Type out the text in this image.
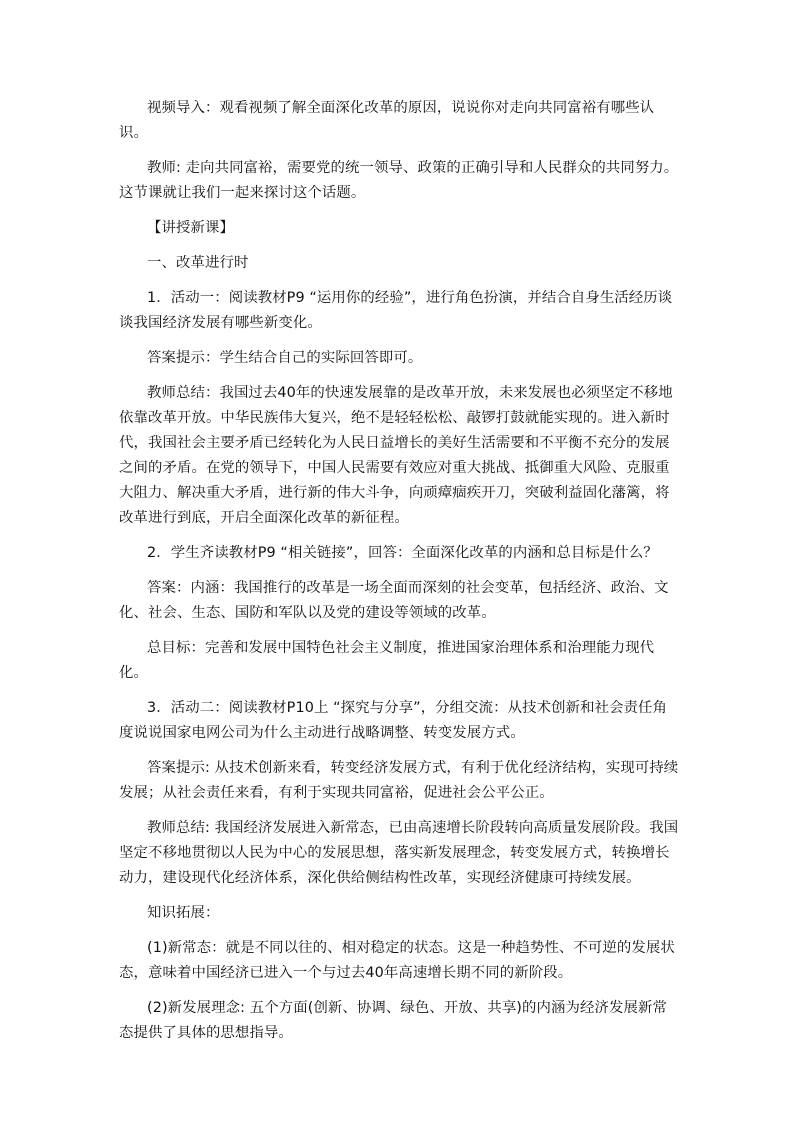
视频导入：观看视频了解全面深化改革的原因，说说你对走向共同富裕有哪些认识。

教师: 走向共同富裕，需要党的统一领导、政策的正确引导和人民群众的共同努力。这节课就让我们一起来探讨这个话题。

【讲授新课】

一、改革进行时

1．活动一：阅读教材P9 “运用你的经验”，进行角色扮演，并结合自身生活经历谈谈我国经济发展有哪些新变化。

答案提示：学生结合自己的实际回答即可。

教师总结：我国过去40年的快速发展靠的是改革开放，未来发展也必须坚定不移地依靠改革开放。中华民族伟大复兴，绝不是轻轻松松、敲锣打鼓就能实现的。进入新时代，我国社会主要矛盾已经转化为人民日益增长的美好生活需要和不平衡不充分的发展之间的矛盾。在党的领导下，中国人民需要有效应对重大挑战、抵御重大风险、克服重大阻力、解决重大矛盾，进行新的伟大斗争，向顽瘴痼疾开刀，突破利益固化藩篱，将改革进行到底，开启全面深化改革的新征程。

2．学生齐读教材P9 “相关链接”，回答：全面深化改革的内涵和总目标是什么？

答案：内涵：我国推行的改革是一场全面而深刻的社会变革，包括经济、政治、文化、社会、生态、国防和军队以及党的建设等领域的改革。

总目标：完善和发展中国特色社会主义制度，推进国家治理体系和治理能力现代化。

3．活动二：阅读教材P10上 “探究与分享”，分组交流：从技术创新和社会责任角度说说国家电网公司为什么主动进行战略调整、转变发展方式。

答案提示: 从技术创新来看，转变经济发展方式，有利于优化经济结构，实现可持续发展；从社会责任来看，有利于实现共同富裕，促进社会公平公正。

教师总结: 我国经济发展进入新常态，已由高速增长阶段转向高质量发展阶段。我国坚定不移地贯彻以人民为中心的发展思想，落实新发展理念，转变发展方式，转换增长动力，建设现代化经济体系，深化供给侧结构性改革，实现经济健康可持续发展。

知识拓展：

(1)新常态：就是不同以往的、相对稳定的状态。这是一种趋势性、不可逆的发展状态，意味着中国经济已进入一个与过去40年高速增长期不同的新阶段。

(2)新发展理念: 五个方面(创新、协调、绿色、开放、共享)的内涵为经济发展新常态提供了具体的思想指导。
